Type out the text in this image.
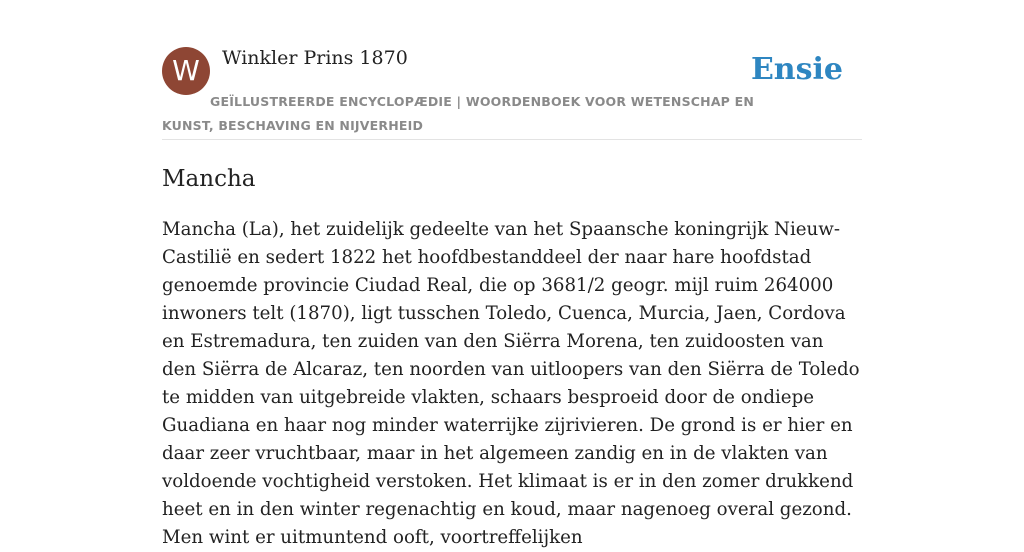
W	Winkler Prins 1870	Ensie
GEÏLLUSTREERDE ENCYCLOPÆDIE | WOORDENBOEK VOOR WETENSCHAP EN KUNST, BESCHAVING EN NIJVERHEID
Mancha

Mancha (La), het zuidelijk gedeelte van het Spaansche koningrijk Nieuw-Castilië en sedert 1822 het hoofdbestanddeel der naar hare hoofdstad genoemde provincie Ciudad Real, die op 3681/2 geogr. mijl ruim 264000 inwoners telt (1870), ligt tusschen Toledo, Cuenca, Murcia, Jaen, Cordova en Estremadura, ten zuiden van den Siërra Morena, ten zuidoosten van den Siërra de Alcaraz, ten noorden van uitloopers van den Siërra de Toledo te midden van uitgebreide vlakten, schaars besproeid door de ondiepe Guadiana en haar nog minder waterrijke zijrivieren. De grond is er hier en daar zeer vruchtbaar, maar in het algemeen zandig en in de vlakten van voldoende vochtigheid verstoken. Het klimaat is er in den zomer drukkend heet en in den winter regenachtig en koud, maar nagenoeg overal gezond. Men wint er uitmuntend ooft, voortreffelijken
